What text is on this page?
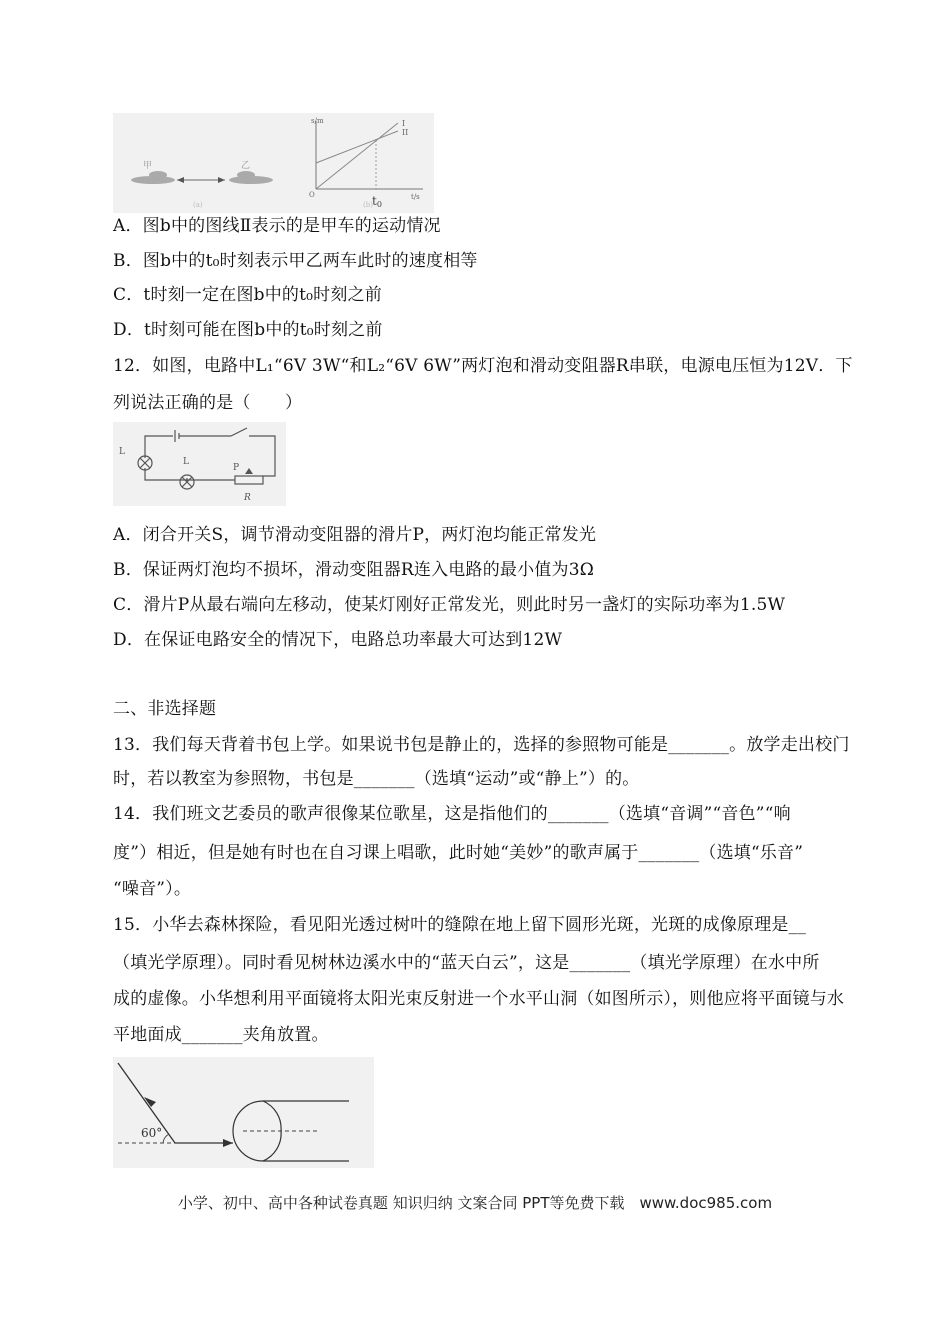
甲	乙
(a)	(b)
s/m
t/s
O
I
II
t0
A．图b中的图线Ⅱ表示的是甲车的运动情况
B．图b中的t₀时刻表示甲乙两车此时的速度相等
C．t时刻一定在图b中的t₀时刻之前
D．t时刻可能在图b中的t₀时刻之前
12．如图，电路中L₁“6V 3W“和L₂“6V 6W”两灯泡和滑动变阻器R串联，电源电压恒为12V．下
列说法正确的是（　　）
L
L
P
R
A．闭合开关S，调节滑动变阻器的滑片P，两灯泡均能正常发光
B．保证两灯泡均不损坏，滑动变阻器R连入电路的最小值为3Ω
C．滑片P从最右端向左移动，使某灯刚好正常发光，则此时另一盏灯的实际功率为1.5W
D．在保证电路安全的情况下，电路总功率最大可达到12W
二、非选择题
13．我们每天背着书包上学。如果说书包是静止的，选择的参照物可能是_______。放学走出校门
时，若以教室为参照物，书包是_______（选填“运动”或“静上”）的。
14．我们班文艺委员的歌声很像某位歌星，这是指他们的_______（选填“音调”“音色”“响
度”）相近，但是她有时也在自习课上唱歌，此时她“美妙”的歌声属于_______（选填“乐音”
“噪音”）。
15．小华去森林探险，看见阳光透过树叶的缝隙在地上留下圆形光斑，光斑的成像原理是__
（填光学原理）。同时看见树林边溪水中的“蓝天白云”，这是_______（填光学原理）在水中所
成的虚像。小华想利用平面镜将太阳光束反射进一个水平山洞（如图所示），则他应将平面镜与水
平地面成_______夹角放置。
60°
小学、初中、高中各种试卷真题 知识归纳 文案合同 PPT等免费下载　www.doc985.com
